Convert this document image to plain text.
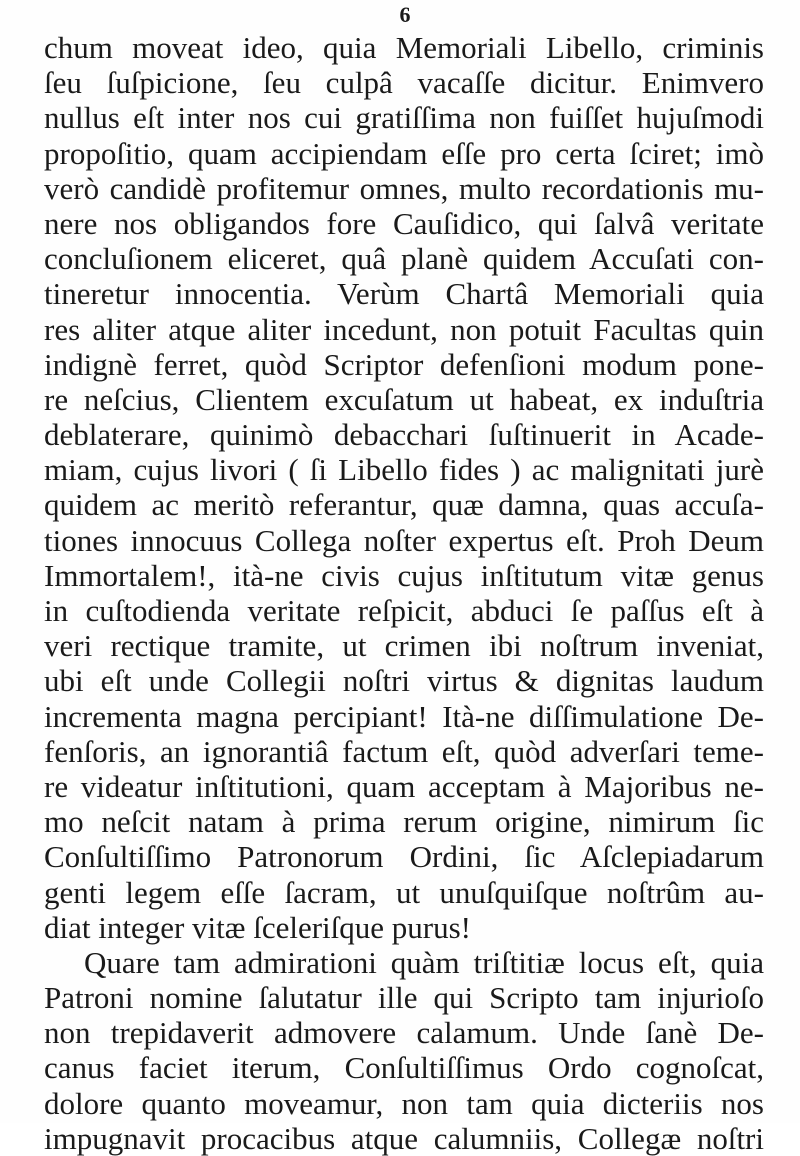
6
chum moveat ideo, quia Memoriali Libello, criminis
ſeu ſuſpicione, ſeu culpâ vacaſſe dicitur. Enimvero
nullus eſt inter nos cui gratiſſima non fuiſſet hujuſmodi
propoſitio, quam accipiendam eſſe pro certa ſciret; imò
verò candidè profitemur omnes, multo recordationis mu-
nere nos obligandos fore Cauſidico, qui ſalvâ veritate
concluſionem eliceret, quâ planè quidem Accuſati con-
tineretur innocentia. Verùm Chartâ Memoriali quia
res aliter atque aliter incedunt, non potuit Facultas quin
indignè ferret, quòd Scriptor defenſioni modum pone-
re neſcius, Clientem excuſatum ut habeat, ex induſtria
deblaterare, quinimò debacchari ſuſtinuerit in Acade-
miam, cujus livori ( ſi Libello fides ) ac malignitati jurè
quidem ac meritò referantur, quæ damna, quas accuſa-
tiones innocuus Collega noſter expertus eſt. Proh Deum
Immortalem!, ità-ne civis cujus inſtitutum vitæ genus
in cuſtodienda veritate reſpicit, abduci ſe paſſus eſt à
veri rectique tramite, ut crimen ibi noſtrum inveniat,
ubi eſt unde Collegii noſtri virtus & dignitas laudum
incrementa magna percipiant! Ità-ne diſſimulatione De-
fenſoris, an ignorantiâ factum eſt, quòd adverſari teme-
re videatur inſtitutioni, quam acceptam à Majoribus ne-
mo neſcit natam à prima rerum origine, nimirum ſic
Conſultiſſimo Patronorum Ordini, ſic Aſclepiadarum
genti legem eſſe ſacram, ut unuſquiſque noſtrûm au-
diat integer vitæ ſceleriſque purus!
Quare tam admirationi quàm triſtitiæ locus eſt, quia
Patroni nomine ſalutatur ille qui Scripto tam injurioſo
non trepidaverit admovere calamum. Unde ſanè De-
canus faciet iterum, Conſultiſſimus Ordo cognoſcat,
dolore quanto moveamur, non tam quia dicteriis nos
impugnavit procacibus atque calumniis, Collegæ noſtri
